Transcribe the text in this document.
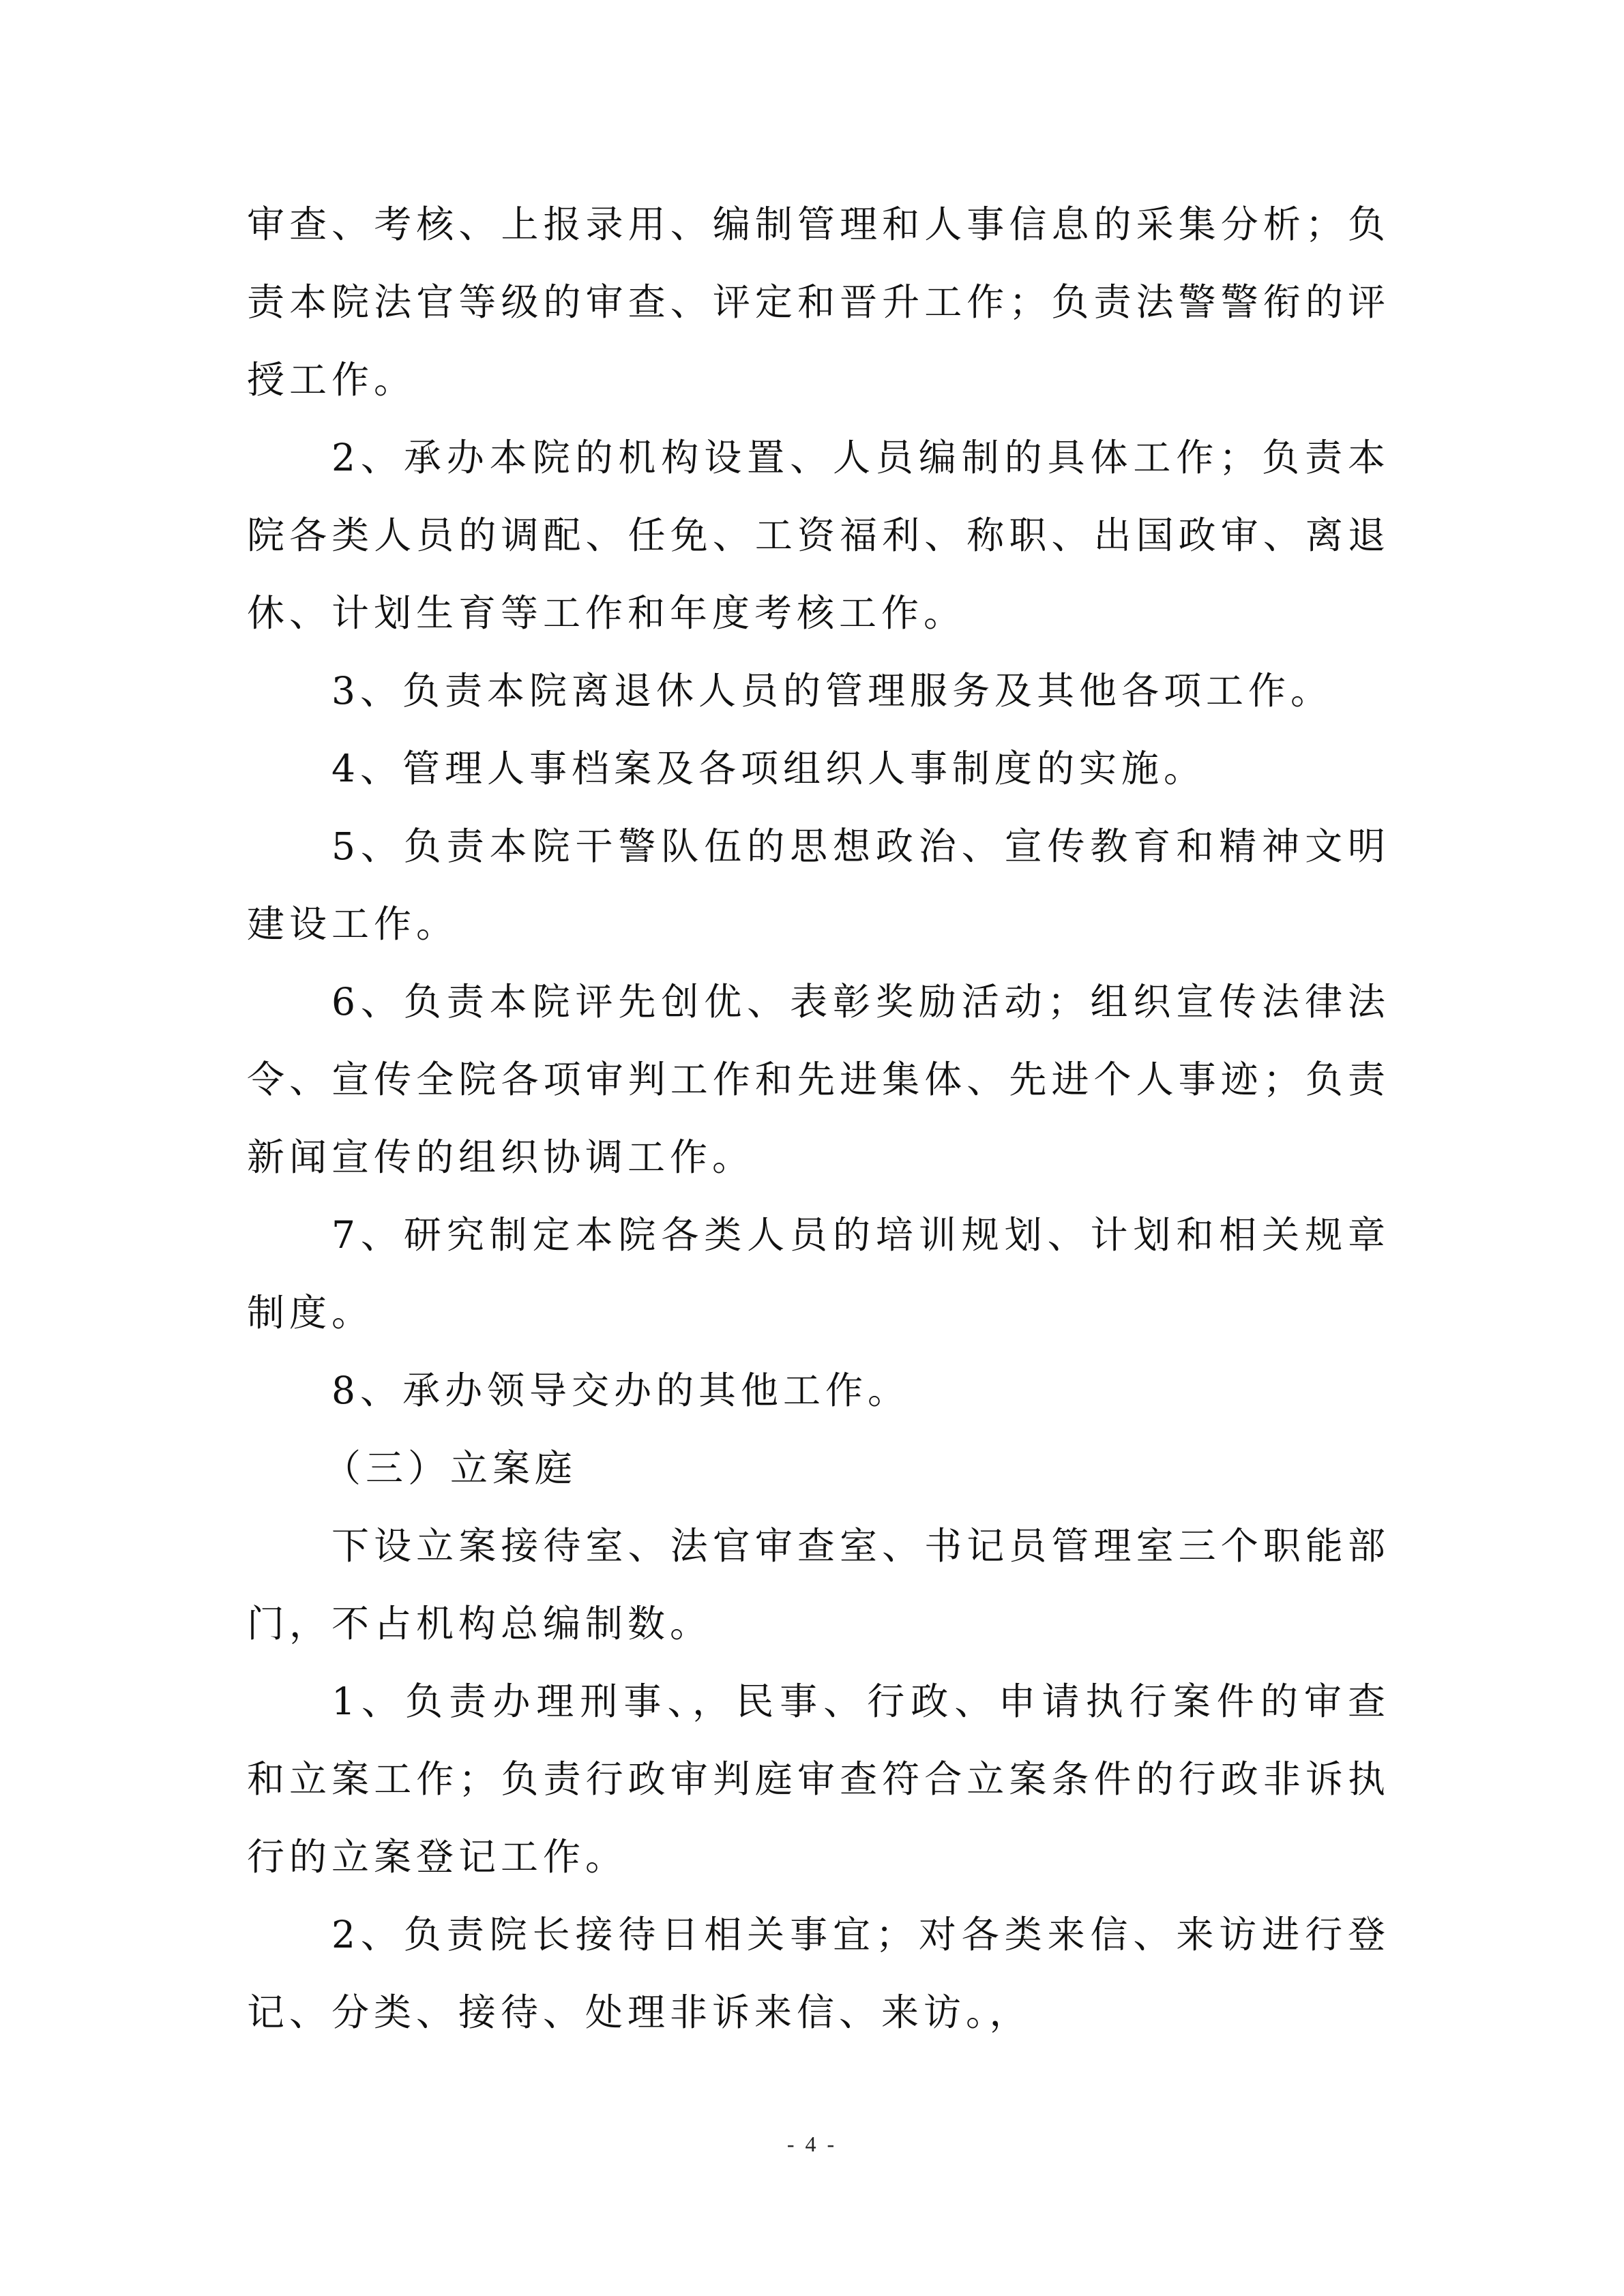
审查、考核、上报录用、编制管理和人事信息的采集分析；负责本院法官等级的审查、评定和晋升工作；负责法警警衔的评授工作。

2、承办本院的机构设置、人员编制的具体工作；负责本院各类人员的调配、任免、工资福利、称职、出国政审、离退休、计划生育等工作和年度考核工作。

3、负责本院离退休人员的管理服务及其他各项工作。

4、管理人事档案及各项组织人事制度的实施。

5、负责本院干警队伍的思想政治、宣传教育和精神文明建设工作。

6、负责本院评先创优、表彰奖励活动；组织宣传法律法令、宣传全院各项审判工作和先进集体、先进个人事迹；负责新闻宣传的组织协调工作。

7、研究制定本院各类人员的培训规划、计划和相关规章制度。

8、承办领导交办的其他工作。

（三）立案庭

下设立案接待室、法官审查室、书记员管理室三个职能部门，不占机构总编制数。

1、负责办理刑事、，民事、行政、申请执行案件的审查和立案工作；负责行政审判庭审查符合立案条件的行政非诉执行的立案登记工作。

2、负责院长接待日相关事宜；对各类来信、来访进行登记、分类、接待、处理非诉来信、来访。，

- 4 -
